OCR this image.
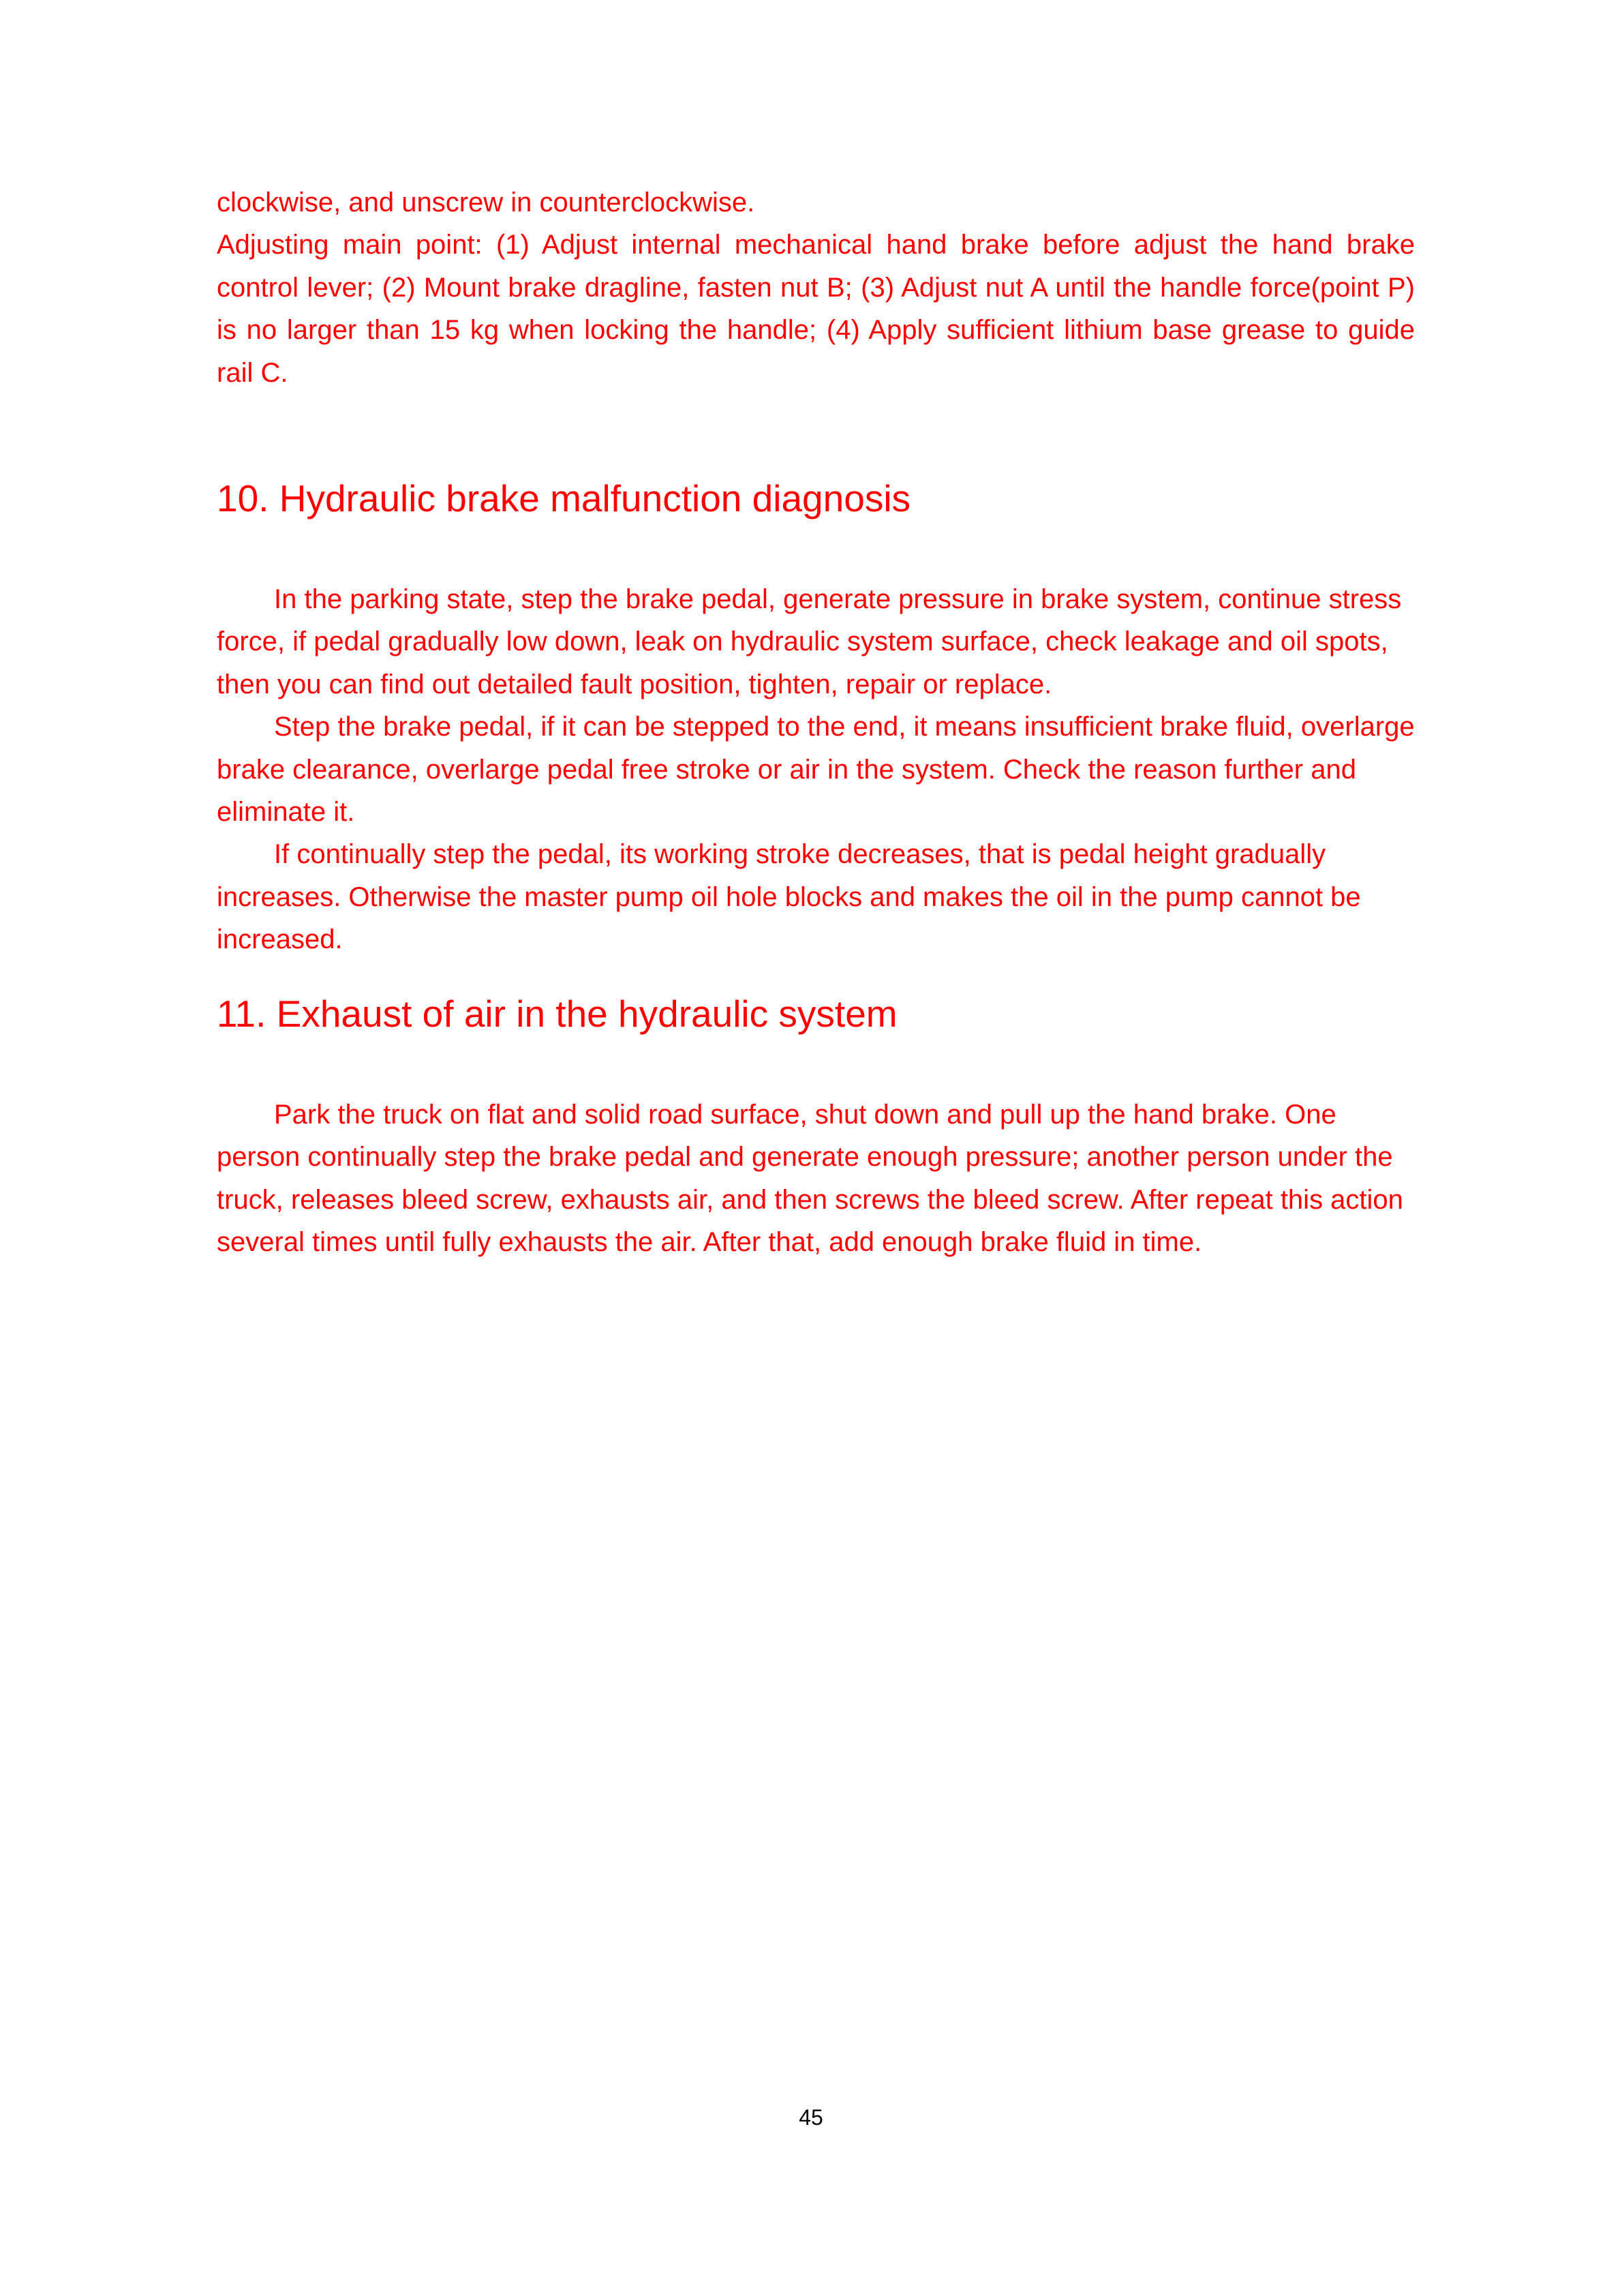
clockwise, and unscrew in counterclockwise.

Adjusting main point: (1) Adjust internal mechanical hand brake before adjust the hand brake control lever; (2) Mount brake dragline, fasten nut B; (3) Adjust nut A until the handle force(point P) is no larger than 15 kg when locking the handle; (4) Apply sufficient lithium base grease to guide rail C.

10. Hydraulic brake malfunction diagnosis

In the parking state, step the brake pedal, generate pressure in brake system, continue stress force, if pedal gradually low down, leak on hydraulic system surface, check leakage and oil spots, then you can find out detailed fault position, tighten, repair or replace.

Step the brake pedal, if it can be stepped to the end, it means insufficient brake fluid, overlarge brake clearance, overlarge pedal free stroke or air in the system. Check the reason further and eliminate it.

If continually step the pedal, its working stroke decreases, that is pedal height gradually increases. Otherwise the master pump oil hole blocks and makes the oil in the pump cannot be increased.

11. Exhaust of air in the hydraulic system

Park the truck on flat and solid road surface, shut down and pull up the hand brake. One person continually step the brake pedal and generate enough pressure; another person under the truck, releases bleed screw, exhausts air, and then screws the bleed screw. After repeat this action several times until fully exhausts the air. After that, add enough brake fluid in time.

45
